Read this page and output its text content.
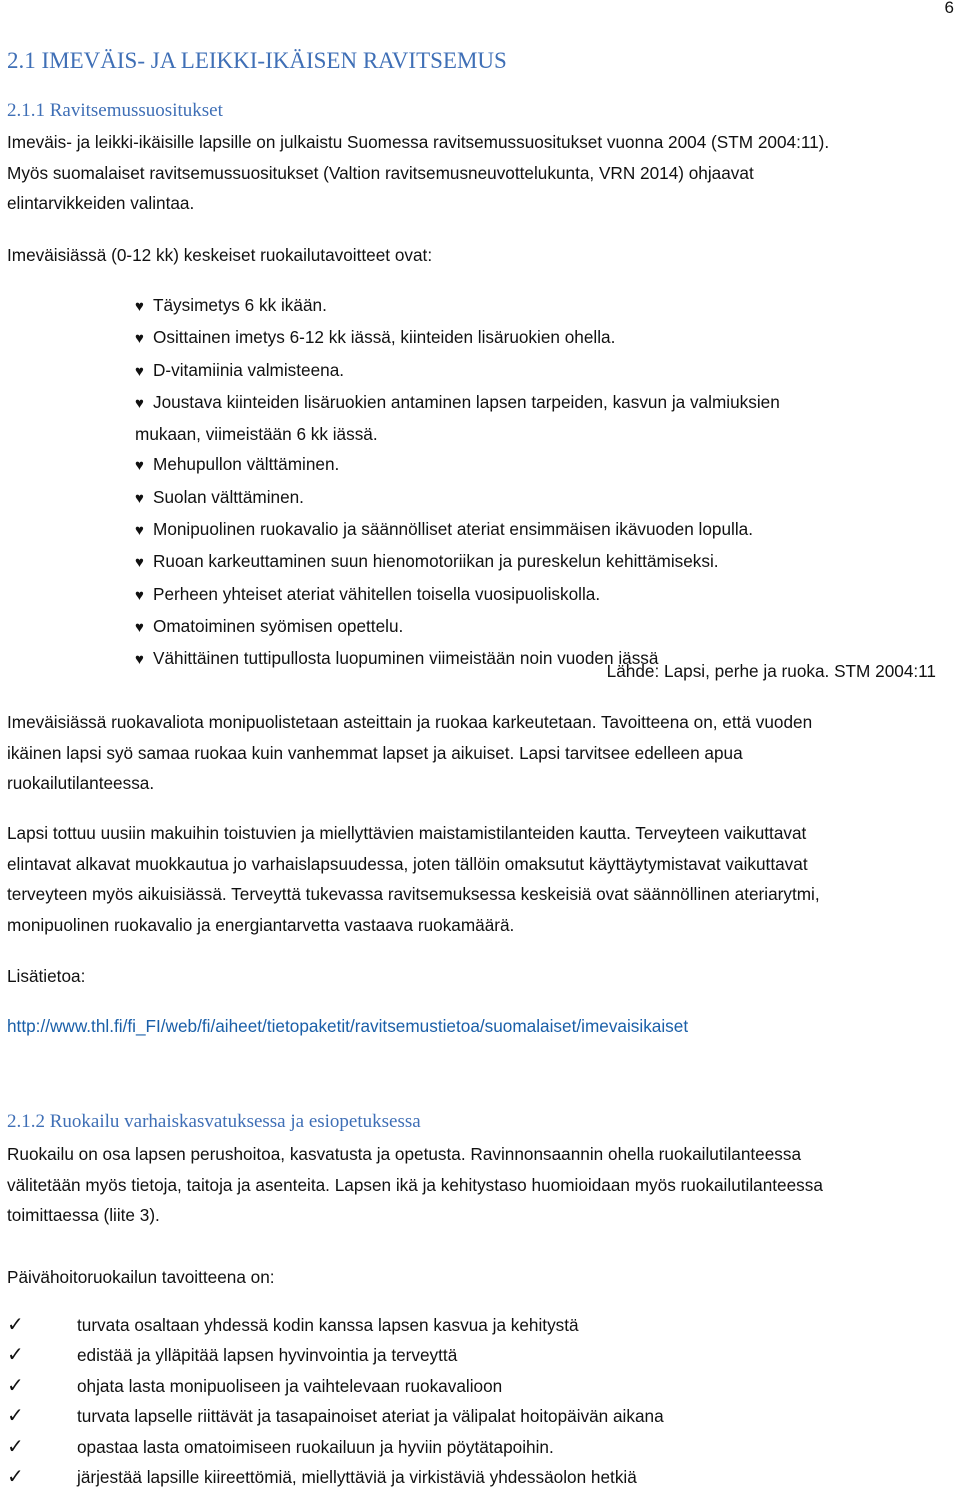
6
2.1 IMEVÄIS- JA LEIKKI-IKÄISEN RAVITSEMUS
2.1.1 Ravitsemussuositukset
Imeväis- ja leikki-ikäisille lapsille on julkaistu Suomessa ravitsemussuositukset vuonna 2004 (STM 2004:11).
Myös suomalaiset ravitsemussuositukset (Valtion ravitsemusneuvottelukunta, VRN 2014) ohjaavat
elintarvikkeiden valintaa.
Imeväisiässä (0-12 kk) keskeiset ruokailutavoitteet ovat:
♥ Täysimetys 6 kk ikään.
♥ Osittainen imetys 6-12 kk iässä, kiinteiden lisäruokien ohella.
♥ D-vitamiinia valmisteena.
♥ Joustava kiinteiden lisäruokien antaminen lapsen tarpeiden, kasvun ja valmiuksien
mukaan, viimeistään 6 kk iässä.
♥ Mehupullon välttäminen.
♥ Suolan välttäminen.
♥ Monipuolinen ruokavalio ja säännölliset ateriat ensimmäisen ikävuoden lopulla.
♥ Ruoan karkeuttaminen suun hienomotoriikan ja pureskelun kehittämiseksi.
♥ Perheen yhteiset ateriat vähitellen toisella vuosipuoliskolla.
♥ Omatoiminen syömisen opettelu.
♥ Vähittäinen tuttipullosta luopuminen viimeistään noin vuoden iässä
Lähde: Lapsi, perhe ja ruoka. STM 2004:11
Imeväisiässä ruokavaliota monipuolistetaan asteittain ja ruokaa karkeutetaan. Tavoitteena on, että vuoden
ikäinen lapsi syö samaa ruokaa kuin vanhemmat lapset ja aikuiset. Lapsi tarvitsee edelleen apua
ruokailutilanteessa.
Lapsi tottuu uusiin makuihin toistuvien ja miellyttävien maistamistilanteiden kautta. Terveyteen vaikuttavat
elintavat alkavat muokkautua jo varhaislapsuudessa, joten tällöin omaksutut käyttäytymistavat vaikuttavat
terveyteen myös aikuisiässä. Terveyttä tukevassa ravitsemuksessa keskeisiä ovat säännöllinen ateriarytmi,
monipuolinen ruokavalio ja energiantarvetta vastaava ruokamäärä.
Lisätietoa:
http://www.thl.fi/fi_FI/web/fi/aiheet/tietopaketit/ravitsemustietoa/suomalaiset/imevaisikaiset
2.1.2 Ruokailu varhaiskasvatuksessa ja esiopetuksessa
Ruokailu on osa lapsen perushoitoa, kasvatusta ja opetusta. Ravinnonsaannin ohella ruokailutilanteessa
välitetään myös tietoja, taitoja ja asenteita. Lapsen ikä ja kehitystaso huomioidaan myös ruokailutilanteessa
toimittaessa (liite 3).
Päivähoitoruokailun tavoitteena on:
✓	turvata osaltaan yhdessä kodin kanssa lapsen kasvua ja kehitystä
✓	edistää ja ylläpitää lapsen hyvinvointia ja terveyttä
✓	ohjata lasta monipuoliseen ja vaihtelevaan ruokavalioon
✓	turvata lapselle riittävät ja tasapainoiset ateriat ja välipalat hoitopäivän aikana
✓	opastaa lasta omatoimiseen ruokailuun ja hyviin pöytätapoihin.
✓	järjestää lapsille kiireettömiä, miellyttäviä ja virkistäviä yhdessäolon hetkiä
